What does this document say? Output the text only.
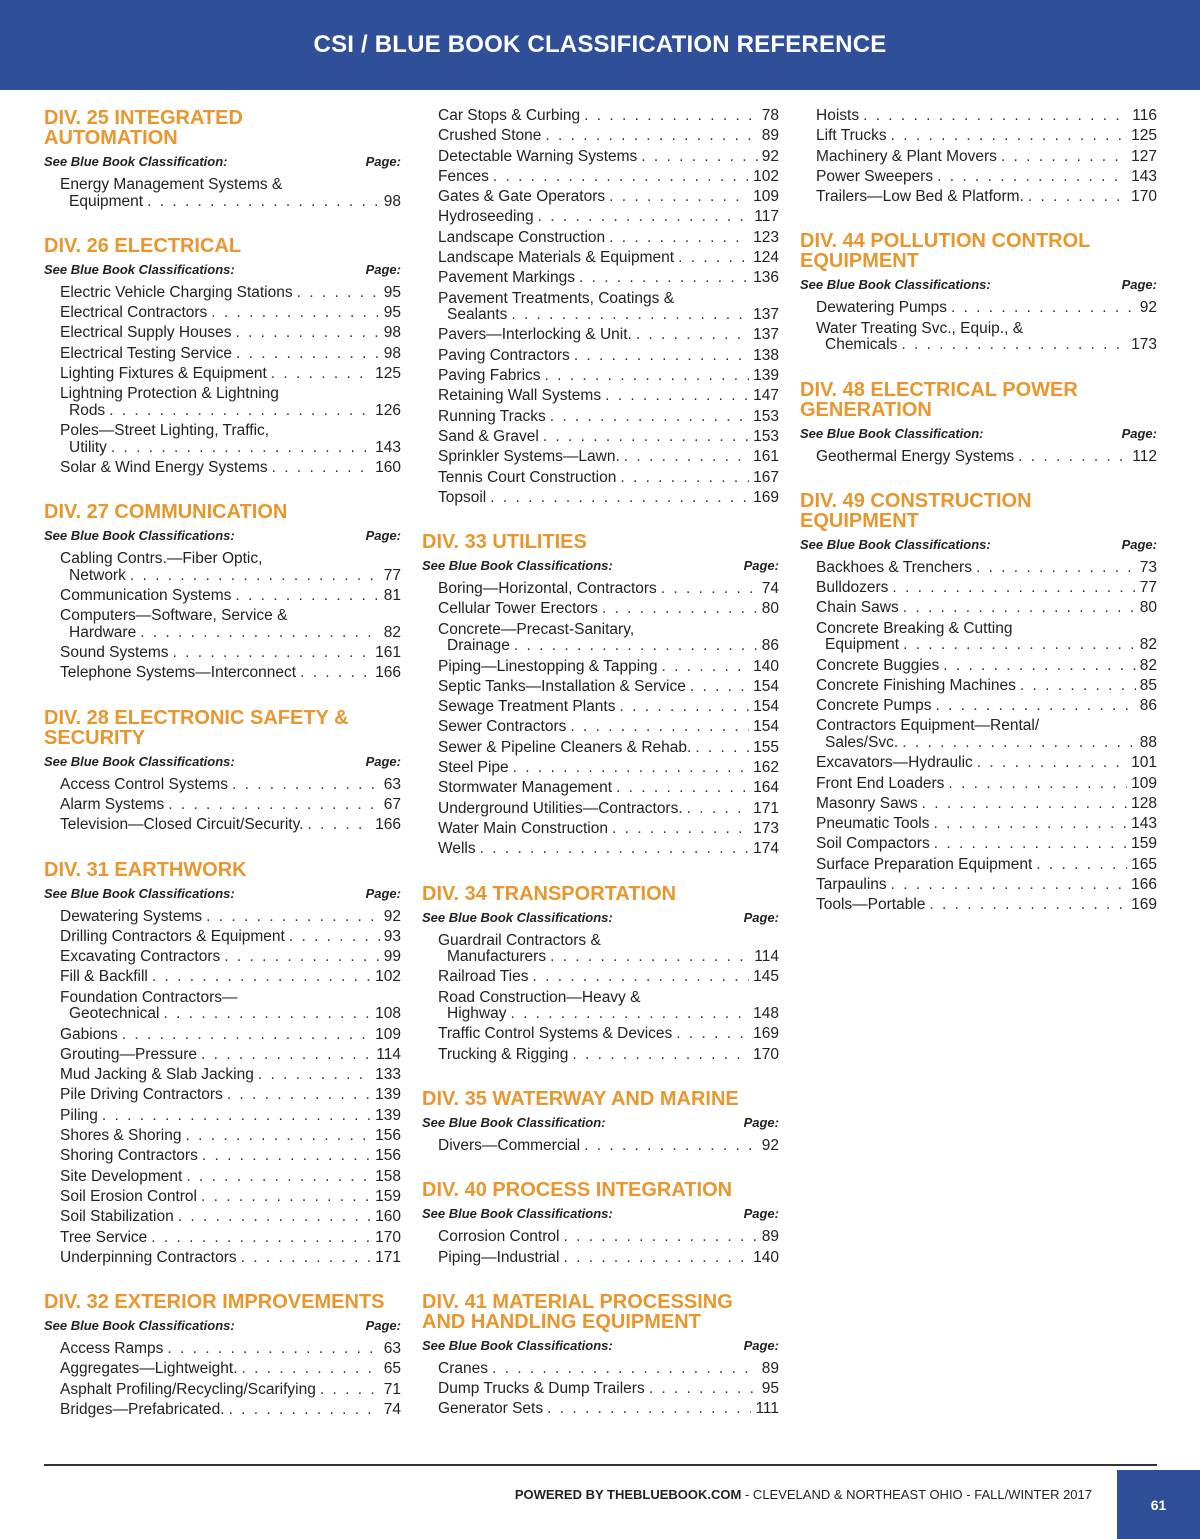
CSI / BLUE BOOK CLASSIFICATION REFERENCE
DIV. 25 INTEGRATED
AUTOMATION
See Blue Book Classification:	Page:
Energy Management Systems &
Equipment . . .	98
DIV. 26 ELECTRICAL
See Blue Book Classifications:	Page:
Electric Vehicle Charging Stations . . .	95
Electrical Contractors . . .	95
Electrical Supply Houses . . .	98
Electrical Testing Service . . .	98
Lighting Fixtures & Equipment . . .	125
Lightning Protection & Lightning
Rods . . .	126
Poles—Street Lighting, Traffic,
Utility . . .	143
Solar & Wind Energy Systems . . .	160
DIV. 27 COMMUNICATION
See Blue Book Classifications:	Page:
Cabling Contrs.—Fiber Optic,
Network . . .	77
Communication Systems . . .	81
Computers—Software, Service &
Hardware . . .	82
Sound Systems . . .	161
Telephone Systems—Interconnect . . .	166
DIV. 28 ELECTRONIC SAFETY &
SECURITY
See Blue Book Classifications:	Page:
Access Control Systems . . .	63
Alarm Systems . . .	67
Television—Closed Circuit/Security. . . .	166
DIV. 31 EARTHWORK
See Blue Book Classifications:	Page:
Dewatering Systems . . .	92
Drilling Contractors & Equipment . . .	93
Excavating Contractors . . .	99
Fill & Backfill . . .	102
Foundation Contractors—
Geotechnical . . .	108
Gabions . . .	109
Grouting—Pressure . . .	114
Mud Jacking & Slab Jacking . . .	133
Pile Driving Contractors . . .	139
Piling . . .	139
Shores & Shoring . . .	156
Shoring Contractors . . .	156
Site Development . . .	158
Soil Erosion Control . . .	159
Soil Stabilization . . .	160
Tree Service . . .	170
Underpinning Contractors . . .	171
DIV. 32 EXTERIOR IMPROVEMENTS
See Blue Book Classifications:	Page:
Access Ramps . . .	63
Aggregates—Lightweight. . . .	65
Asphalt Profiling/Recycling/Scarifying . . .	71
Bridges—Prefabricated. . . .	74
Car Stops & Curbing . . .	78
Crushed Stone . . .	89
Detectable Warning Systems . . .	92
Fences . . .	102
Gates & Gate Operators . . .	109
Hydroseeding . . .	117
Landscape Construction . . .	123
Landscape Materials & Equipment . . .	124
Pavement Markings . . .	136
Pavement Treatments, Coatings &
Sealants . . .	137
Pavers—Interlocking & Unit. . . .	137
Paving Contractors . . .	138
Paving Fabrics . . .	139
Retaining Wall Systems . . .	147
Running Tracks . . .	153
Sand & Gravel . . .	153
Sprinkler Systems—Lawn. . . .	161
Tennis Court Construction . . .	167
Topsoil . . .	169
DIV. 33 UTILITIES
See Blue Book Classifications:	Page:
Boring—Horizontal, Contractors . . .	74
Cellular Tower Erectors . . .	80
Concrete—Precast-Sanitary,
Drainage . . .	86
Piping—Linestopping & Tapping . . .	140
Septic Tanks—Installation & Service . . .	154
Sewage Treatment Plants . . .	154
Sewer Contractors . . .	154
Sewer & Pipeline Cleaners & Rehab. . . .	155
Steel Pipe . . .	162
Stormwater Management . . .	164
Underground Utilities—Contractors. . . .	171
Water Main Construction . . .	173
Wells . . .	174
DIV. 34 TRANSPORTATION
See Blue Book Classifications:	Page:
Guardrail Contractors &
Manufacturers . . .	114
Railroad Ties . . .	145
Road Construction—Heavy &
Highway . . .	148
Traffic Control Systems & Devices . . .	169
Trucking & Rigging . . .	170
DIV. 35 WATERWAY AND MARINE
See Blue Book Classification:	Page:
Divers—Commercial . . .	92
DIV. 40 PROCESS INTEGRATION
See Blue Book Classifications:	Page:
Corrosion Control . . .	89
Piping—Industrial . . .	140
DIV. 41 MATERIAL PROCESSING
AND HANDLING EQUIPMENT
See Blue Book Classifications:	Page:
Cranes . . .	89
Dump Trucks & Dump Trailers . . .	95
Generator Sets . . .	111
Hoists . . .	116
Lift Trucks . . .	125
Machinery & Plant Movers . . .	127
Power Sweepers . . .	143
Trailers—Low Bed & Platform. . . .	170
DIV. 44 POLLUTION CONTROL
EQUIPMENT
See Blue Book Classifications:	Page:
Dewatering Pumps . . .	92
Water Treating Svc., Equip., &
Chemicals . . .	173
DIV. 48 ELECTRICAL POWER
GENERATION
See Blue Book Classification:	Page:
Geothermal Energy Systems . . .	112
DIV. 49 CONSTRUCTION
EQUIPMENT
See Blue Book Classifications:	Page:
Backhoes & Trenchers . . .	73
Bulldozers . . .	77
Chain Saws . . .	80
Concrete Breaking & Cutting
Equipment . . .	82
Concrete Buggies . . .	82
Concrete Finishing Machines . . .	85
Concrete Pumps . . .	86
Contractors Equipment—Rental/
Sales/Svc. . . .	88
Excavators—Hydraulic . . .	101
Front End Loaders . . .	109
Masonry Saws . . .	128
Pneumatic Tools . . .	143
Soil Compactors . . .	159
Surface Preparation Equipment . . .	165
Tarpaulins . . .	166
Tools—Portable . . .	169
POWERED BY THEBLUEBOOK.COM - CLEVELAND & NORTHEAST OHIO - FALL/WINTER 2017
61
